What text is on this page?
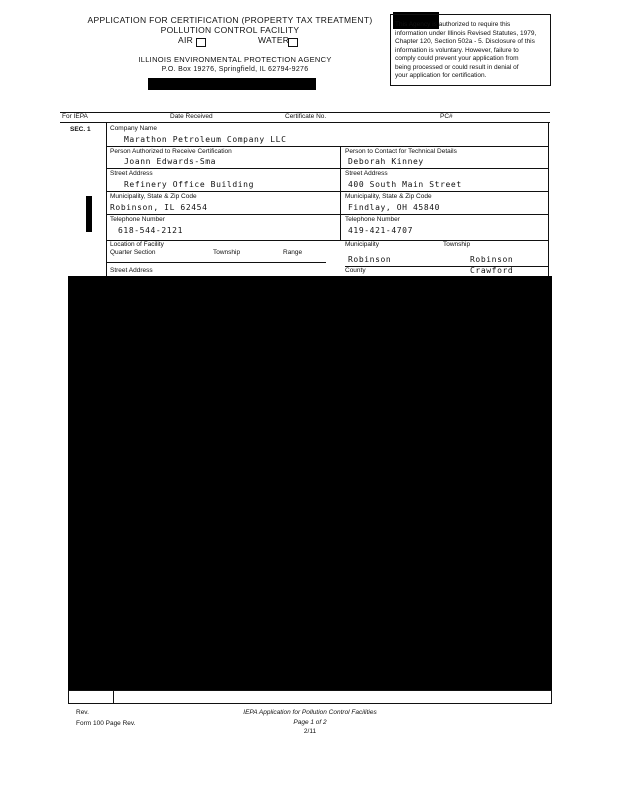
APPLICATION FOR CERTIFICATION (PROPERTY TAX TREATMENT)
POLLUTION CONTROL FACILITY
AIR	WATER
ILLINOIS ENVIRONMENTAL PROTECTION AGENCY
P.O. Box 19276, Springfield, IL 62794-9276
This Agency is authorized to require this
information under Illinois Revised Statutes, 1979,
Chapter 120, Section 502a - 5. Disclosure of this
information is voluntary. However, failure to
comply could prevent your application from
being processed or could result in denial of
your application for certification.
For IEPA	Date Received	Certificate No.	PC#
SEC. 1	Company Name
Marathon Petroleum Company LLC
Person Authorized to Receive Certification
Joann Edwards-Sma
Person to Contact for Technical Details
Deborah Kinney
Street Address
Refinery Office Building
Street Address
400 South Main Street
Municipality, State & Zip Code
Robinson, IL 62454
Municipality, State & Zip Code
Findlay, OH 45840
Telephone Number
618-544-2121
Telephone Number
419-421-4707
Location of Facility
Quarter Section	Township	Range
Municipality	Township
Robinson	Robinson
Street Address	County	Crawford
Rev.
Form 100 Page Rev.
IEPA Application for Pollution Control Facilities
Page 1 of 2
2/11
